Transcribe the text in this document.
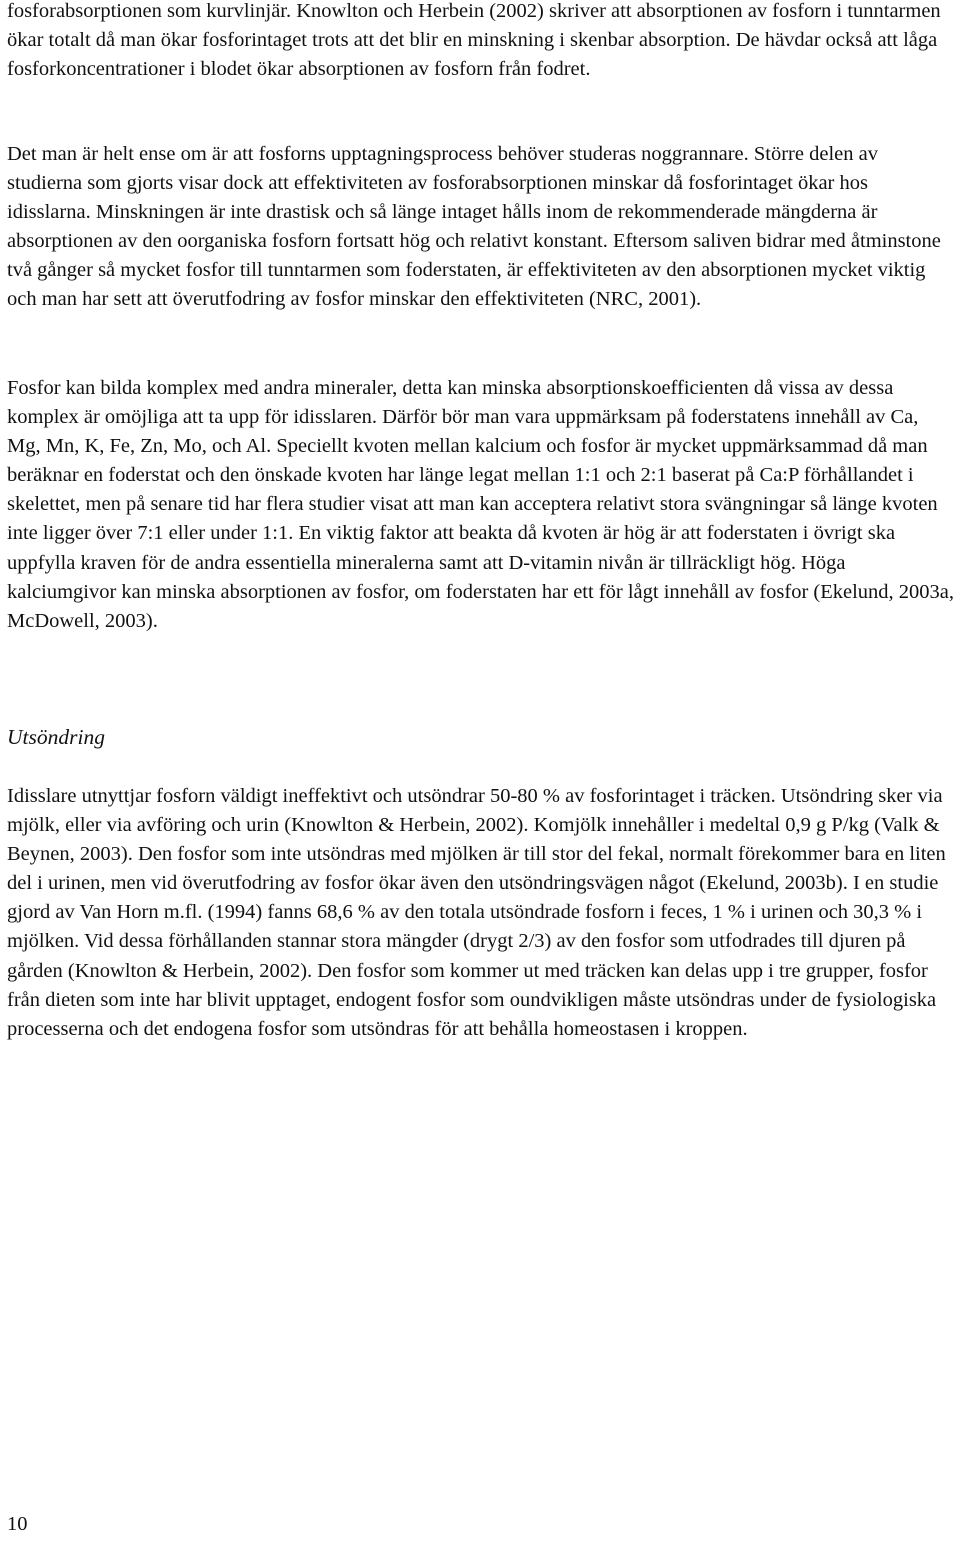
fosforabsorptionen som kurvlinjär. Knowlton och Herbein (2002) skriver att absorptionen av fosforn i tunntarmen ökar totalt då man ökar fosforintaget trots att det blir en minskning i skenbar absorption. De hävdar också att låga fosforkoncentrationer i blodet ökar absorptionen av fosforn från fodret.

Det man är helt ense om är att fosforns upptagningsprocess behöver studeras noggrannare. Större delen av studierna som gjorts visar dock att effektiviteten av fosforabsorptionen minskar då fosforintaget ökar hos idisslarna. Minskningen är inte drastisk och så länge intaget hålls inom de rekommenderade mängderna är absorptionen av den oorganiska fosforn fortsatt hög och relativt konstant. Eftersom saliven bidrar med åtminstone två gånger så mycket fosfor till tunntarmen som foderstaten, är effektiviteten av den absorptionen mycket viktig och man har sett att överutfodring av fosfor minskar den effektiviteten (NRC, 2001).

Fosfor kan bilda komplex med andra mineraler, detta kan minska absorptionskoefficienten då vissa av dessa komplex är omöjliga att ta upp för idisslaren. Därför bör man vara uppmärksam på foderstatens innehåll av Ca, Mg, Mn, K, Fe, Zn, Mo, och Al. Speciellt kvoten mellan kalcium och fosfor är mycket uppmärksammad då man beräknar en foderstat och den önskade kvoten har länge legat mellan 1:1 och 2:1 baserat på Ca:P förhållandet i skelettet, men på senare tid har flera studier visat att man kan acceptera relativt stora svängningar så länge kvoten inte ligger över 7:1 eller under 1:1. En viktig faktor att beakta då kvoten är hög är att foderstaten i övrigt ska uppfylla kraven för de andra essentiella mineralerna samt att D-vitamin nivån är tillräckligt hög. Höga kalciumgivor kan minska absorptionen av fosfor, om foderstaten har ett för lågt innehåll av fosfor (Ekelund, 2003a, McDowell, 2003).

Utsöndring

Idisslare utnyttjar fosforn väldigt ineffektivt och utsöndrar 50-80 % av fosforintaget i träcken. Utsöndring sker via mjölk, eller via avföring och urin (Knowlton & Herbein, 2002). Komjölk innehåller i medeltal 0,9 g P/kg (Valk & Beynen, 2003). Den fosfor som inte utsöndras med mjölken är till stor del fekal, normalt förekommer bara en liten del i urinen, men vid överutfodring av fosfor ökar även den utsöndringsvägen något (Ekelund, 2003b). I en studie gjord av Van Horn m.fl. (1994) fanns 68,6 % av den totala utsöndrade fosforn i feces, 1 % i urinen och 30,3 % i mjölken. Vid dessa förhållanden stannar stora mängder (drygt 2/3) av den fosfor som utfodrades till djuren på gården (Knowlton & Herbein, 2002). Den fosfor som kommer ut med träcken kan delas upp i tre grupper, fosfor från dieten som inte har blivit upptaget, endogent fosfor som oundvikligen måste utsöndras under de fysiologiska processerna och det endogena fosfor som utsöndras för att behålla homeostasen i kroppen.

10
